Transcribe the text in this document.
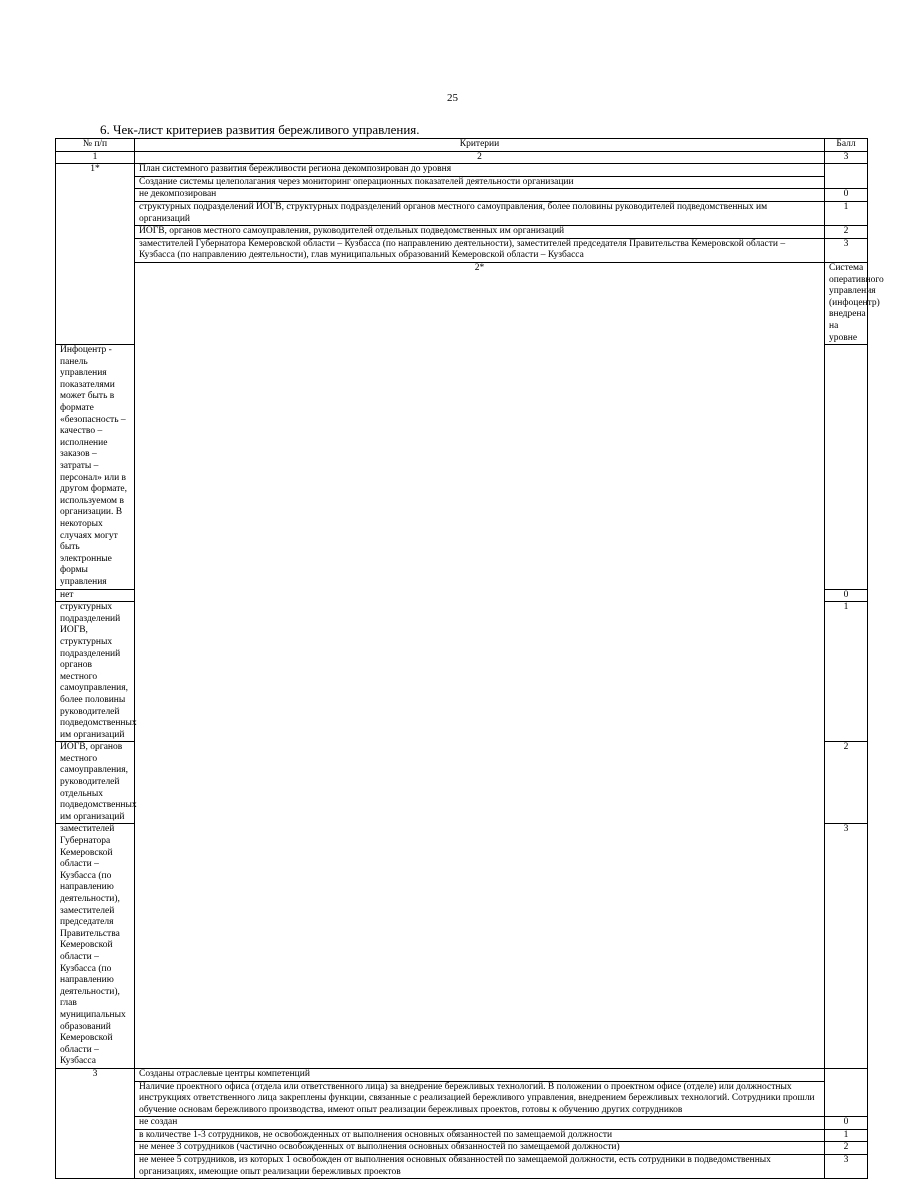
25
6. Чек-лист критериев развития бережливого управления.
№ п/п	Критерии	Балл	
1	2	3	
1*	План системного развития бережливости региона декомпозирован до уровня		
	Создание системы целеполагания через мониторинг операционных показателей деятельности организации		
	не декомпозирован	0	
	структурных подразделений ИОГВ, структурных подразделений органов местного самоуправления, более половины руководителей подведомственных им организаций	1	
	ИОГВ, органов местного самоуправления, руководителей отдельных подведомственных им организаций	2	
	заместителей Губернатора Кемеровской области – Кузбасса (по направлению деятельности), заместителей председателя Правительства Кемеровской области – Кузбасса (по направлению деятельности), глав муниципальных образований Кемеровской области – Кузбасса	3	
	2*	Система оперативного управления (инфоцентр) внедрена на уровне	
Инфоцентр - панель управления показателями может быть в формате «безопасность – качество – исполнение заказов – затраты – персонал» или в другом формате, используемом в организации. В некоторых случаях могут быть электронные формы управления			
нет		0	
структурных подразделений ИОГВ, структурных подразделений органов местного самоуправления, более половины руководителей подведомственных им организаций		1	
ИОГВ, органов местного самоуправления, руководителей отдельных подведомственных им организаций		2	
заместителей Губернатора Кемеровской области – Кузбасса (по направлению деятельности), заместителей председателя Правительства Кемеровской области – Кузбасса (по направлению деятельности), глав муниципальных образований Кемеровской области – Кузбасса		3	
3	Созданы отраслевые центры компетенций		
	Наличие проектного офиса (отдела или ответственного лица) за внедрение бережливых технологий. В положении о проектном офисе (отделе) или должностных инструкциях ответственного лица закреплены функции, связанные с реализацией бережливого управления, внедрением бережливых технологий. Сотрудники прошли обучение основам бережливого производства, имеют опыт реализации бережливых проектов, готовы к обучению других сотрудников		
	не создан	0	
	в количестве 1-3 сотрудников, не освобожденных от выполнения основных обязанностей по замещаемой должности	1	
	не менее 3 сотрудников (частично освобожденных от выполнения основных обязанностей по замещаемой должности)	2	
	не менее 5 сотрудников, из которых 1 освобожден от выполнения основных обязанностей по замещаемой должности, есть сотрудники в подведомственных организациях, имеющие опыт реализации бережливых проектов	3	
